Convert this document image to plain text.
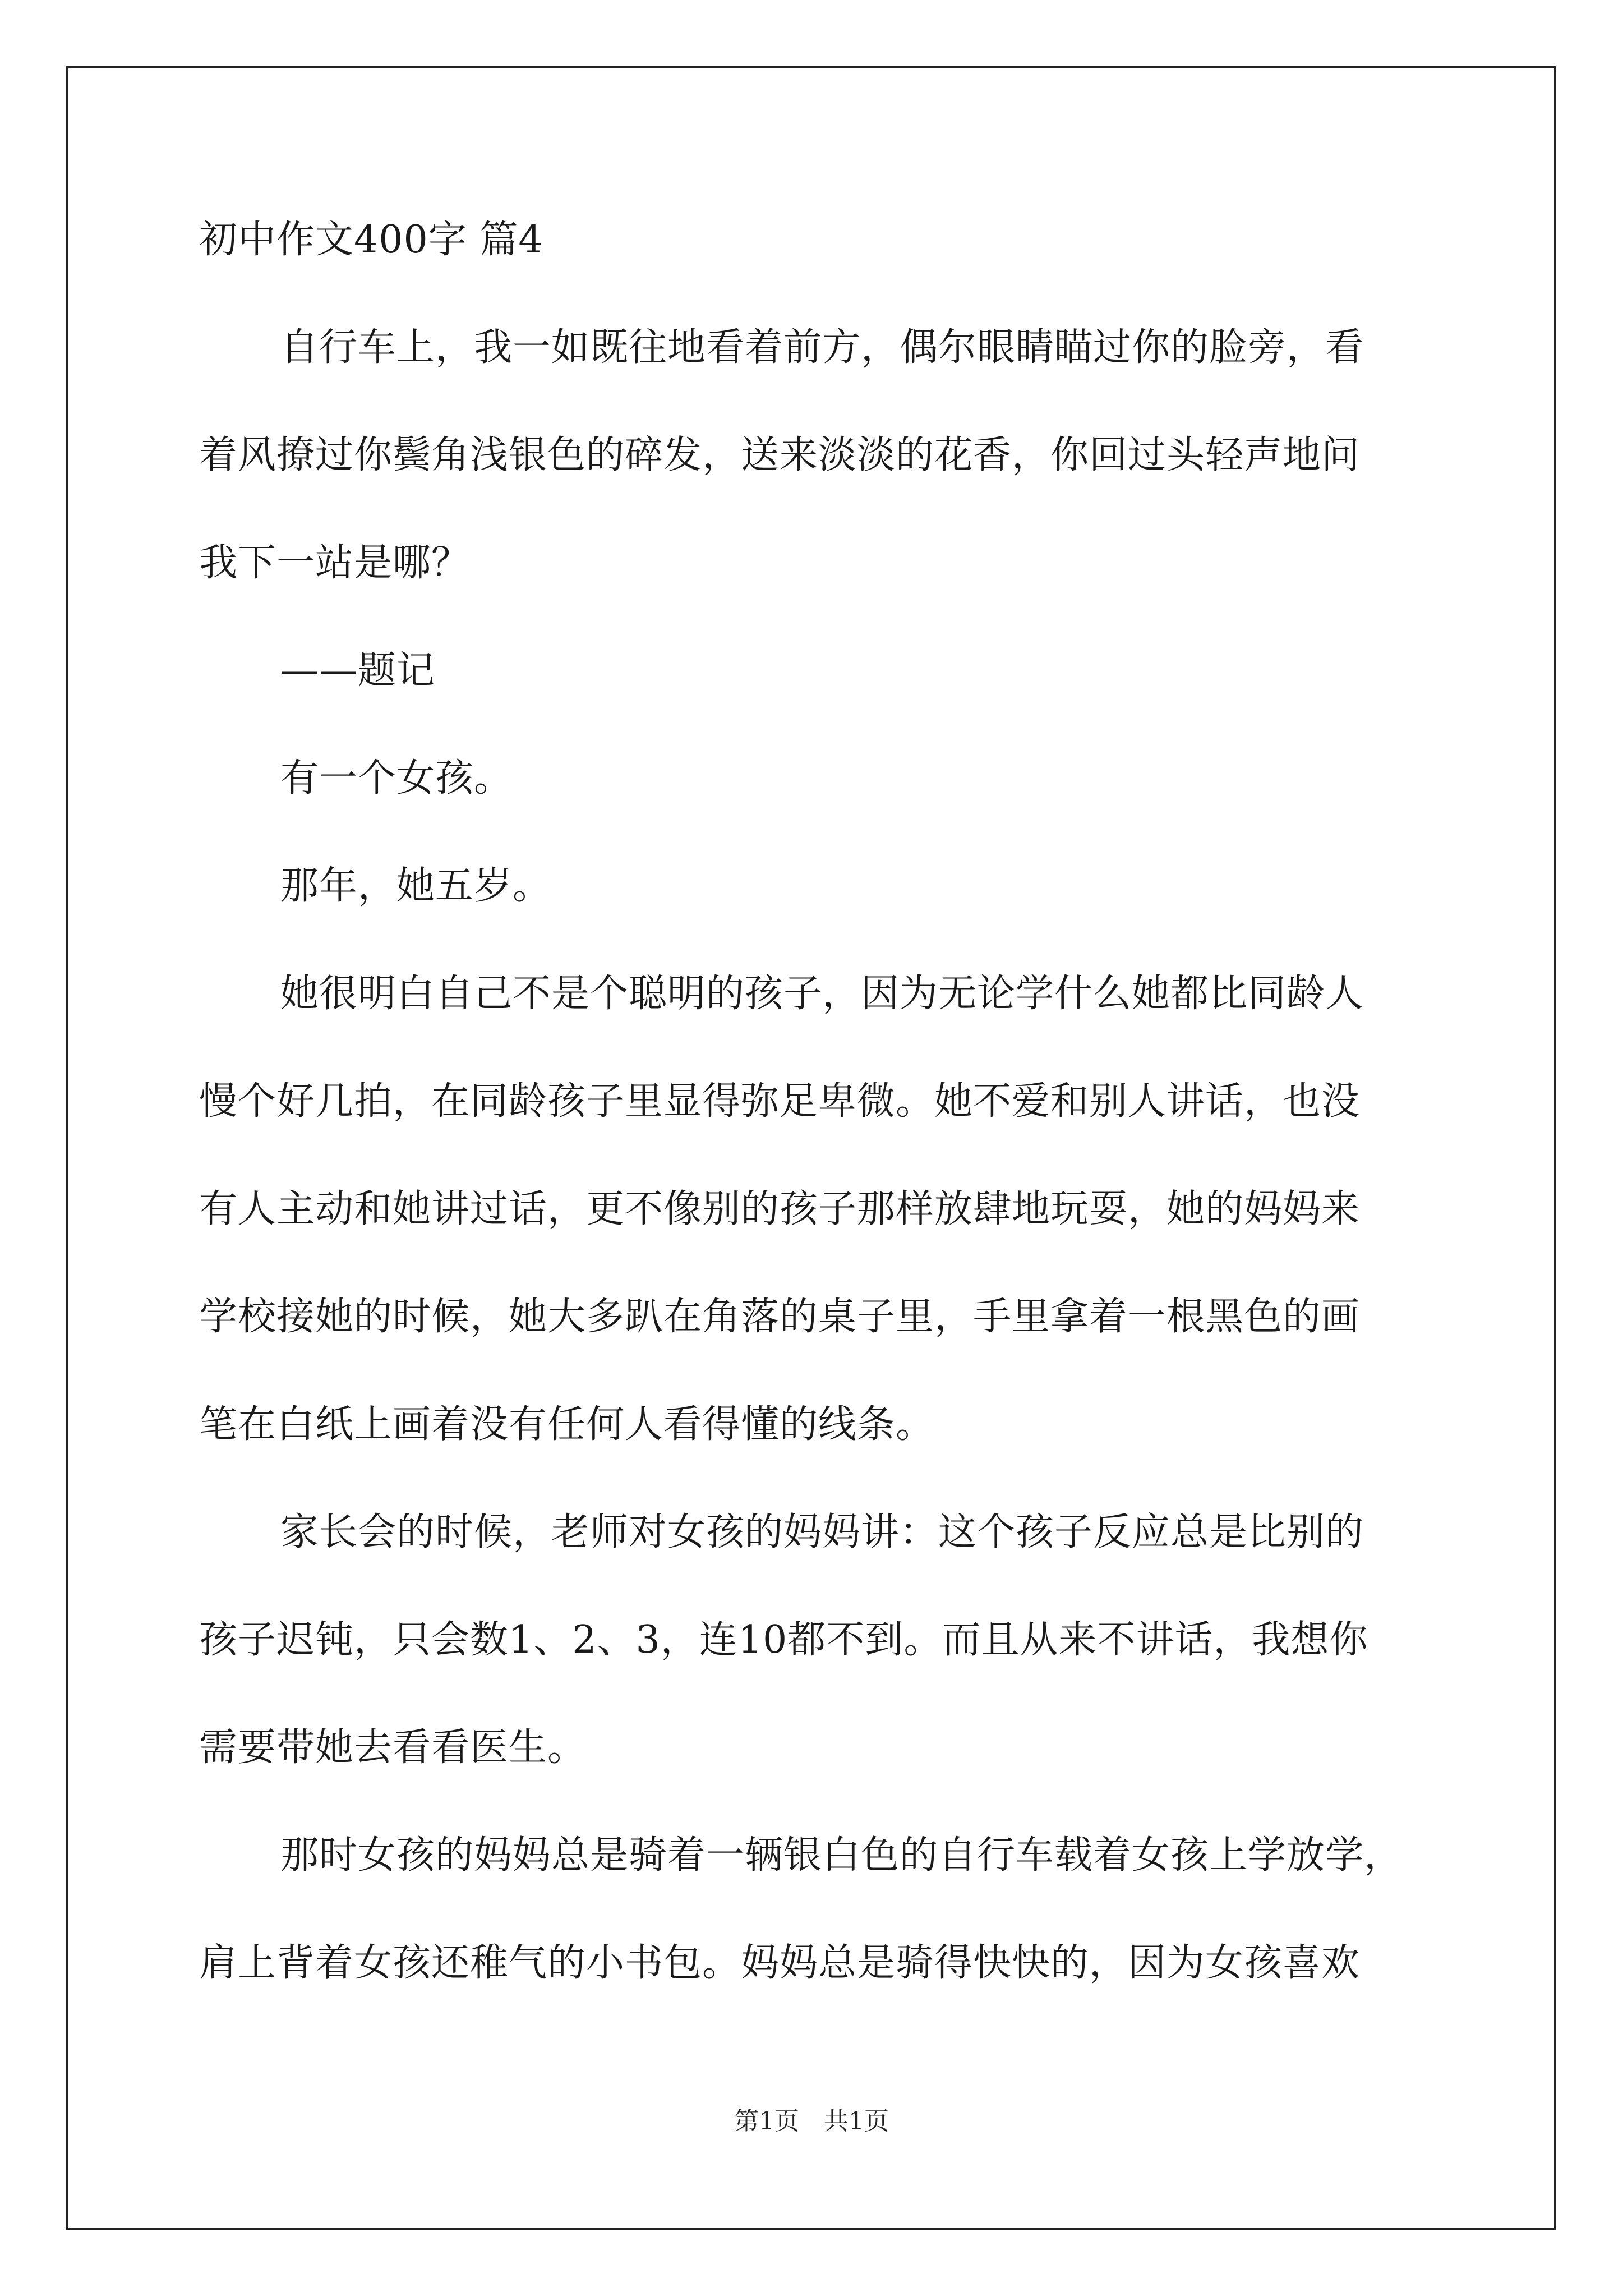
初中作文400字 篇4
自行车上，我一如既往地看着前方，偶尔眼睛瞄过你的脸旁，看
着风撩过你鬓角浅银色的碎发，送来淡淡的花香，你回过头轻声地问
我下一站是哪？
——题记
有一个女孩。
那年，她五岁。
她很明白自己不是个聪明的孩子，因为无论学什么她都比同龄人
慢个好几拍，在同龄孩子里显得弥足卑微。她不爱和别人讲话，也没
有人主动和她讲过话，更不像别的孩子那样放肆地玩耍，她的妈妈来
学校接她的时候，她大多趴在角落的桌子里，手里拿着一根黑色的画
笔在白纸上画着没有任何人看得懂的线条。
家长会的时候，老师对女孩的妈妈讲：这个孩子反应总是比别的
孩子迟钝，只会数1、2、3，连10都不到。而且从来不讲话，我想你
需要带她去看看医生。
那时女孩的妈妈总是骑着一辆银白色的自行车载着女孩上学放学，
肩上背着女孩还稚气的小书包。妈妈总是骑得快快的，因为女孩喜欢
第1页　共1页
